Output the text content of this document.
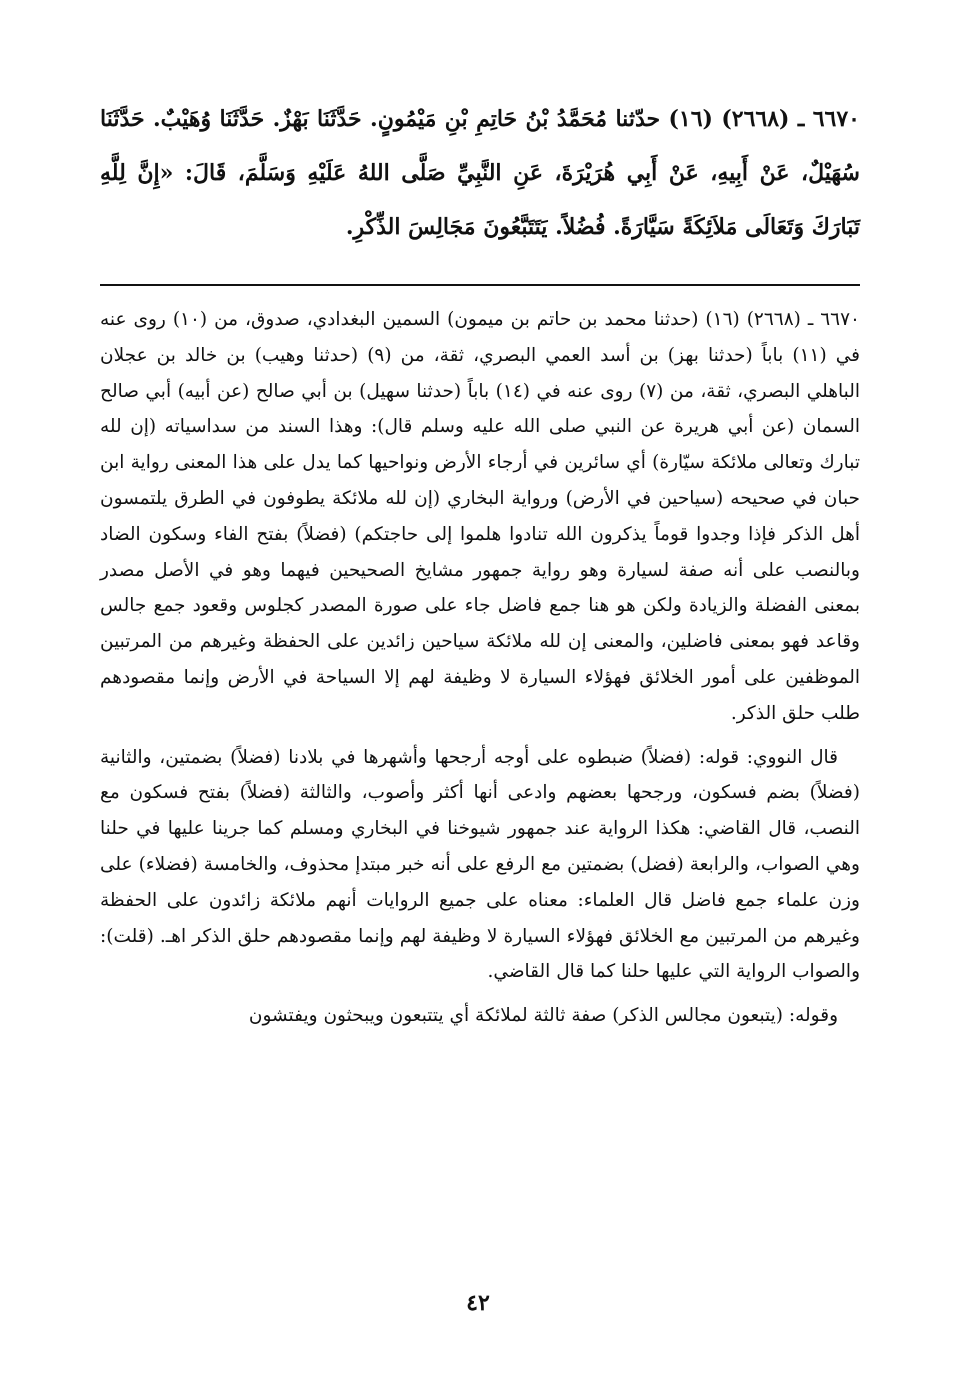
٦٦٧٠ ـ (٢٦٦٨) (١٦) حدّثنا مُحَمَّدُ بْنُ حَاتِمِ بْنِ مَيْمُونٍ. حَدَّثَنَا بَهْزٌ. حَدَّثَنَا وُهَيْبٌ. حَدَّثَنَا سُهَيْلٌ، عَنْ أَبِيهِ، عَنْ أَبِي هُرَيْرَةَ، عَنِ النَّبِيِّ صَلَّى اللهُ عَلَيْهِ وَسَلَّمَ، قَالَ: «إِنَّ لِلَّهِ تَبَارَكَ وَتَعَالَى مَلاَئِكَةً سَيَّارَةً. فُضُلاً. يَتَتَبَّعُونَ مَجَالِسَ الذِّكْرِ.

٦٦٧٠ ـ (٢٦٦٨) (١٦) (حدثنا محمد بن حاتم بن ميمون) السمين البغدادي، صدوق، من (١٠) روى عنه في (١١) باباً (حدثنا بهز) بن أسد العمي البصري، ثقة، من (٩) (حدثنا وهيب) بن خالد بن عجلان الباهلي البصري، ثقة، من (٧) روى عنه في (١٤) باباً (حدثنا سهيل) بن أبي صالح (عن أبيه) أبي صالح السمان (عن أبي هريرة عن النبي صلى الله عليه وسلم قال): وهذا السند من سداسياته (إن لله تبارك وتعالى ملائكة سيّارة) أي سائرين في أرجاء الأرض ونواحيها كما يدل على هذا المعنى رواية ابن حبان في صحيحه (سياحين في الأرض) ورواية البخاري (إن لله ملائكة يطوفون في الطرق يلتمسون أهل الذكر فإذا وجدوا قوماً يذكرون الله تنادوا هلموا إلى حاجتكم) (فضلاً) بفتح الفاء وسكون الضاد وبالنصب على أنه صفة لسيارة وهو رواية جمهور مشايخ الصحيحين فيهما وهو في الأصل مصدر بمعنى الفضلة والزيادة ولكن هو هنا جمع فاضل جاء على صورة المصدر كجلوس وقعود جمع جالس وقاعد فهو بمعنى فاضلين، والمعنى إن لله ملائكة سياحين زائدين على الحفظة وغيرهم من المرتبين الموظفين على أمور الخلائق فهؤلاء السيارة لا وظيفة لهم إلا السياحة في الأرض وإنما مقصودهم طلب حلق الذكر.

قال النووي: قوله: (فضلاً) ضبطوه على أوجه أرجحها وأشهرها في بلادنا (فضلاً) بضمتين، والثانية (فضلاً) بضم فسكون، ورجحها بعضهم وادعى أنها أكثر وأصوب، والثالثة (فضلاً) بفتح فسكون مع النصب، قال القاضي: هكذا الرواية عند جمهور شيوخنا في البخاري ومسلم كما جرينا عليها في حلنا وهي الصواب، والرابعة (فضل) بضمتين مع الرفع على أنه خبر مبتدإ محذوف، والخامسة (فضلاء) على وزن علماء جمع فاضل قال العلماء: معناه على جميع الروايات أنهم ملائكة زائدون على الحفظة وغيرهم من المرتبين مع الخلائق فهؤلاء السيارة لا وظيفة لهم وإنما مقصودهم حلق الذكر اهـ. (قلت): والصواب الرواية التي عليها حلنا كما قال القاضي.

وقوله: (يتبعون مجالس الذكر) صفة ثالثة لملائكة أي يتتبعون ويبحثون ويفتشون

٤٢
